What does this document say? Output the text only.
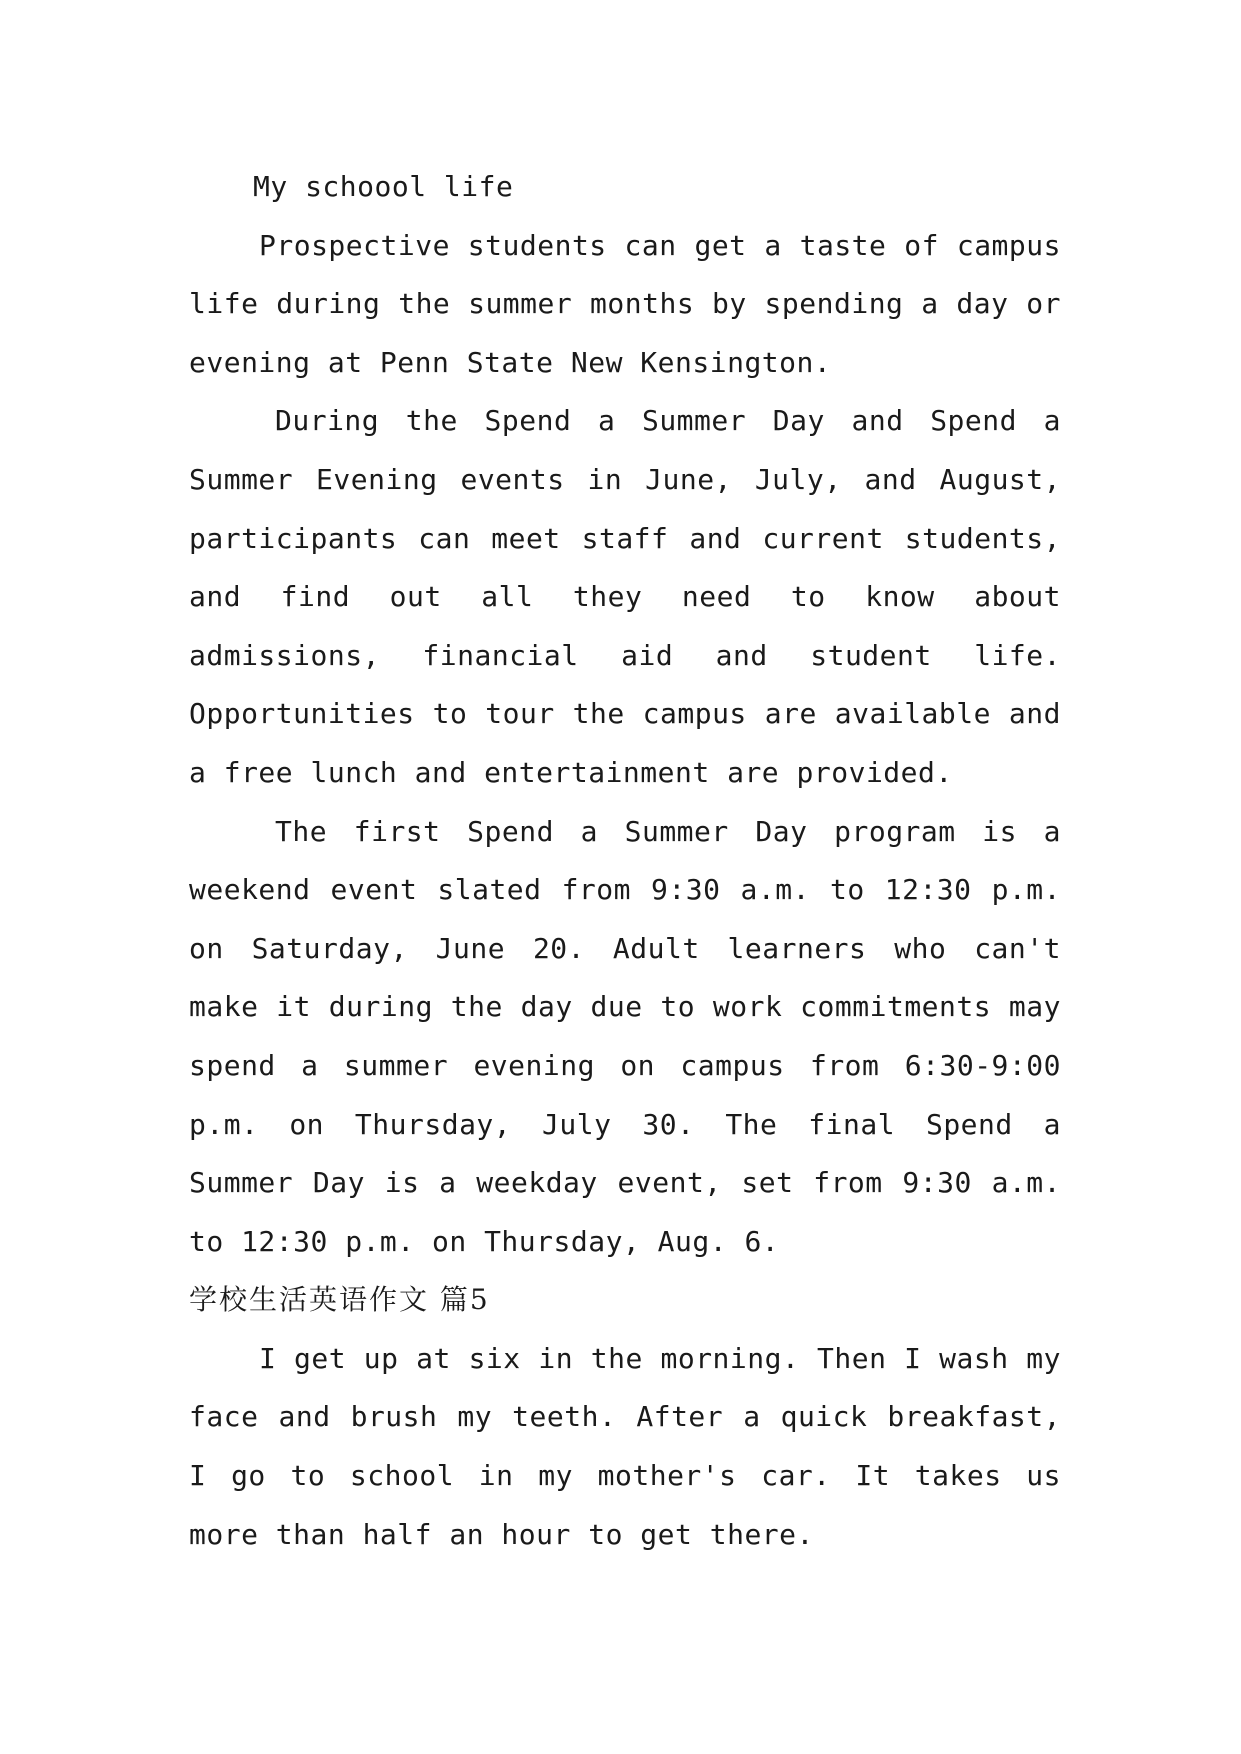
My schoool life

Prospective students can get a taste of campus life during the summer months by spending a day or evening at Penn State New Kensington.

During the Spend a Summer Day and Spend a Summer Evening events in June, July, and August, participants can meet staff and current students, and find out all they need to know about admissions, financial aid and student life. Opportunities to tour the campus are available and a free lunch and entertainment are provided.

The first Spend a Summer Day program is a weekend event slated from 9:30 a.m. to 12:30 p.m. on Saturday, June 20. Adult learners who can't make it during the day due to work commitments may spend a summer evening on campus from 6:30-9:00 p.m. on Thursday, July 30. The final Spend a Summer Day is a weekday event, set from 9:30 a.m. to 12:30 p.m. on Thursday, Aug. 6.

学校生活英语作文 篇5

I get up at six in the morning. Then I wash my face and brush my teeth. After a quick breakfast, I go to school in my mother's car. It takes us more than half an hour to get there.
